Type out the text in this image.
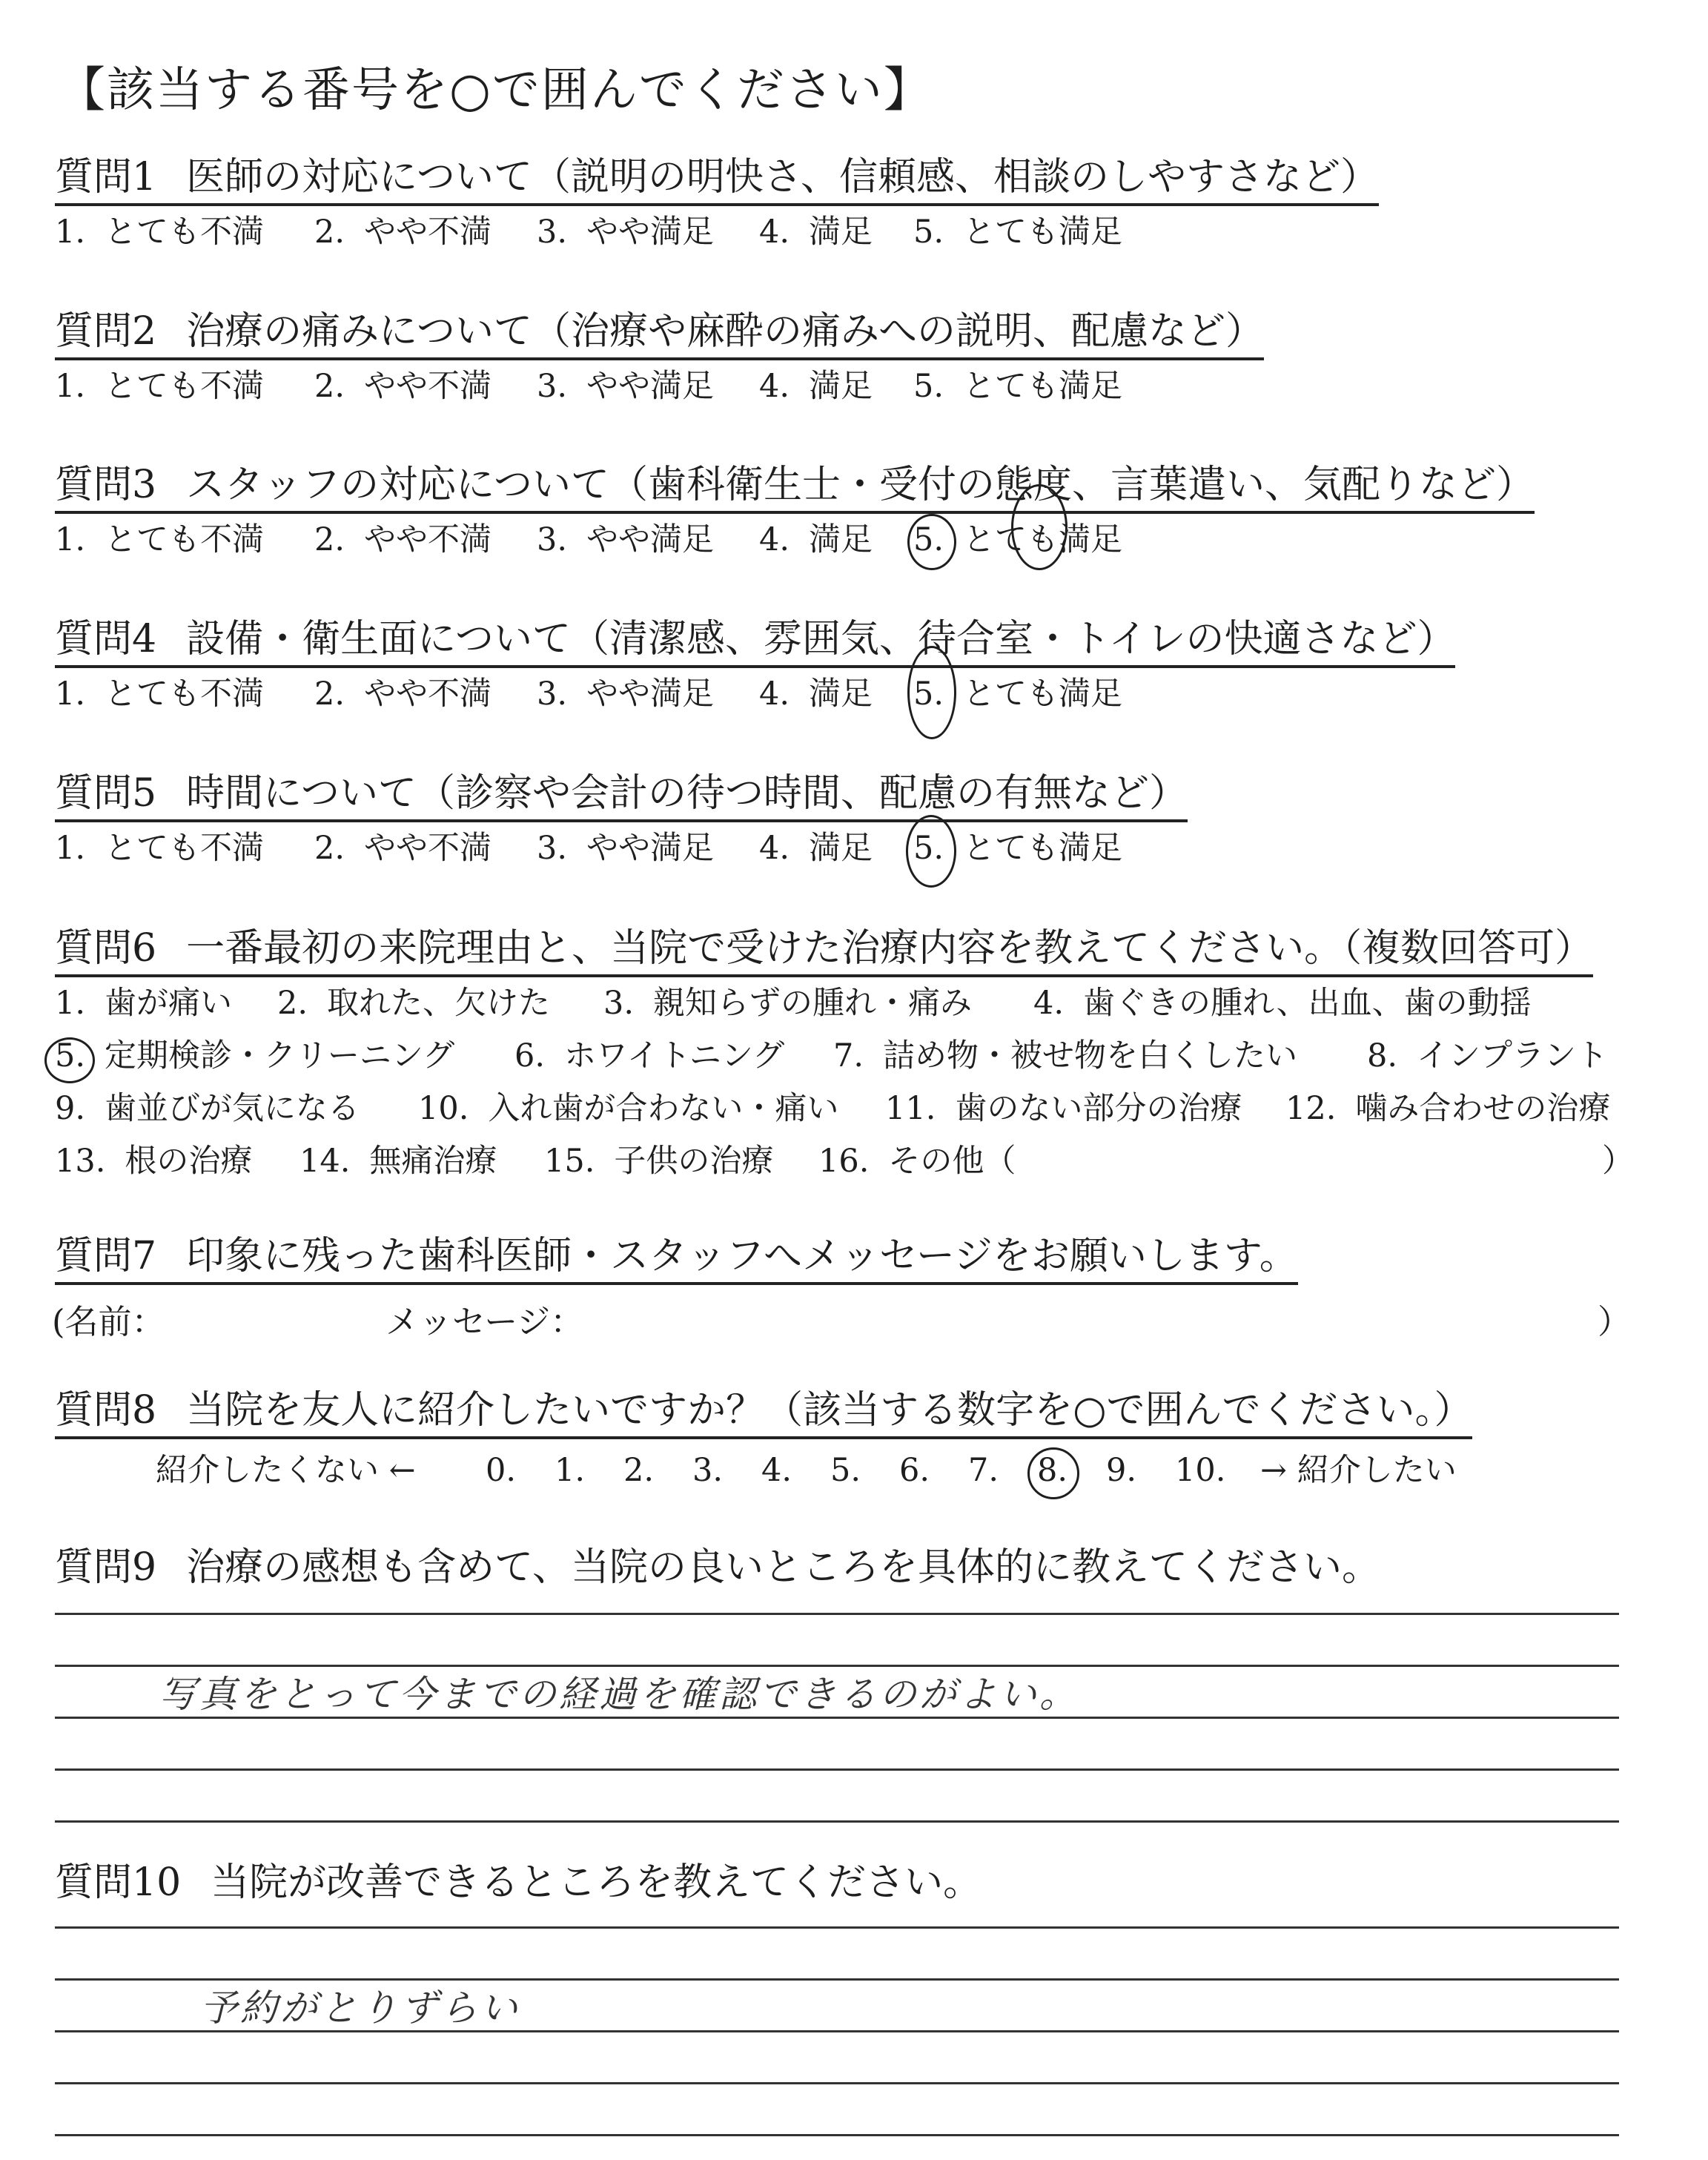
【該当する番号を○で囲んでください】
質問1 医師の対応について（説明の明快さ、信頼感、相談のしやすさなど）
1. とても不満 2. やや不満 3. やや満足 4. 満足 5. とても満足
質問2 治療の痛みについて（治療や麻酔の痛みへの説明、配慮など）
1. とても不満 2. やや不満 3. やや満足 4. 満足 5. とても満足
質問3 スタッフの対応について（歯科衛生士・受付の態度、言葉遣い、気配りなど）
1. とても不満 2. やや不満 3. やや満足 4. 満足 5. とても満足
質問4 設備・衛生面について（清潔感、雰囲気、待合室・トイレの快適さなど）
1. とても不満 2. やや不満 3. やや満足 4. 満足 5. とても満足
質問5 時間について（診察や会計の待つ時間、配慮の有無など）
1. とても不満 2. やや不満 3. やや満足 4. 満足 5. とても満足
質問6 一番最初の来院理由と、当院で受けた治療内容を教えてください。（複数回答可）
1. 歯が痛い 2. 取れた、欠けた 3. 親知らずの腫れ・痛み 4. 歯ぐきの腫れ、出血、歯の動揺
5. 定期検診・クリーニング 6. ホワイトニング 7. 詰め物・被せ物を白くしたい 8. インプラント
9. 歯並びが気になる 10. 入れ歯が合わない・痛い 11. 歯のない部分の治療 12. 噛み合わせの治療
13. 根の治療 14. 無痛治療 15. 子供の治療 16. その他（	）
質問7 印象に残った歯科医師・スタッフへメッセージをお願いします。
(名前：	メッセージ：	）
質問8 当院を友人に紹介したいですか？（該当する数字を○で囲んでください。）
紹介したくない ← 0. 1. 2. 3. 4. 5. 6. 7. 8. 9. 10. → 紹介したい
質問9 治療の感想も含めて、当院の良いところを具体的に教えてください。
写真をとって今までの経過を確認できるのがよい。
質問10 当院が改善できるところを教えてください。
予約がとりずらい
